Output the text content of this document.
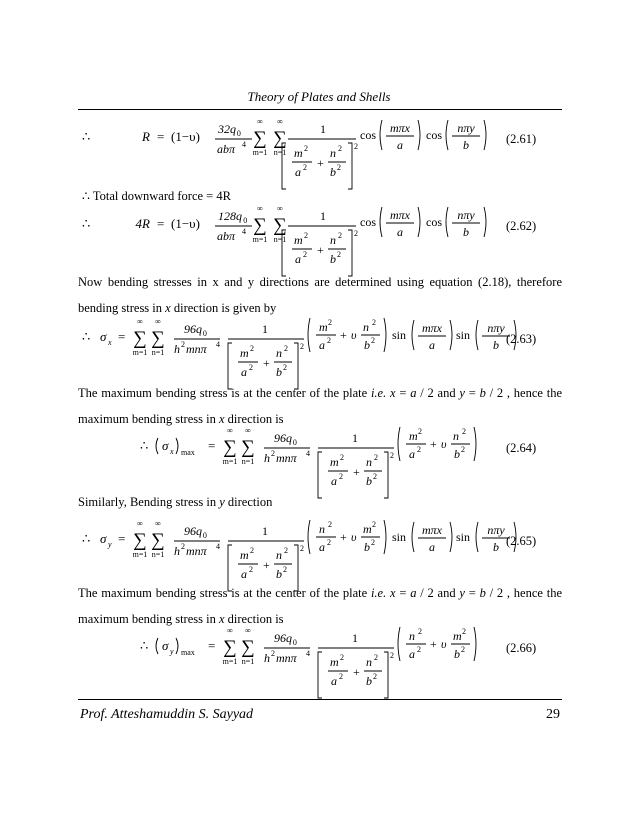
Theory of Plates and Shells
∴	R = (1−υ) 32q 0
abπ 4
∞
∑
m=1
∞
∑
n=1
1
m 2
a 2 +
n 2
b 2
2
cos mπx
a
cos nπy
b	(2.61)
∴ Total downward force = 4R
∴	4R = (1−υ) 128q 0
abπ 4
∞
∑
m=1
∞
∑
n=1
1
m 2
a 2 +
n 2
b 2
2
cos mπx
a
cos nπy
b	(2.62)
Now bending stresses in x and y directions are determined using equation (2.18), therefore bending stress in x direction is given by
∴ σ x =
∞
∑
m=1
∞
∑
n=1
96q 0
h 2 mnπ 4
1
m 2
a 2 +
n 2
b 2
2
m 2
a 2 + υ
n 2
b 2 sin mπx
a
sin nπy
b (2.63)
The maximum bending stress is at the center of the plate i.e. x = a / 2 and y = b / 2 , hence the maximum bending stress in x direction is
∴ σ x max =
∞
∑
m=1
∞
∑
n=1
96q 0
h 2 mnπ 4
1
m 2
a 2 +
n 2
b 2
2
m 2
a 2 + υ
n 2
b 2	(2.64)
Similarly, Bending stress in y direction
∴ σ y =
∞
∑
m=1
∞
∑
n=1
96q 0
h 2 mnπ 4
1
m 2
a 2 +
n 2
b 2
2
n 2
a 2 + υ
m 2
b 2 sin mπx
a
sin nπy
b (2.65)
The maximum bending stress is at the center of the plate i.e. x = a / 2 and y = b / 2 , hence the maximum bending stress in x direction is
∴ σ y max =
∞
∑
m=1
∞
∑
n=1
96q 0
h 2 mnπ 4
1
m 2
a 2 +
n 2
b 2
2
n 2
a 2 + υ
m 2
b 2	(2.66)
Prof. Atteshamuddin S. Sayyad	29
